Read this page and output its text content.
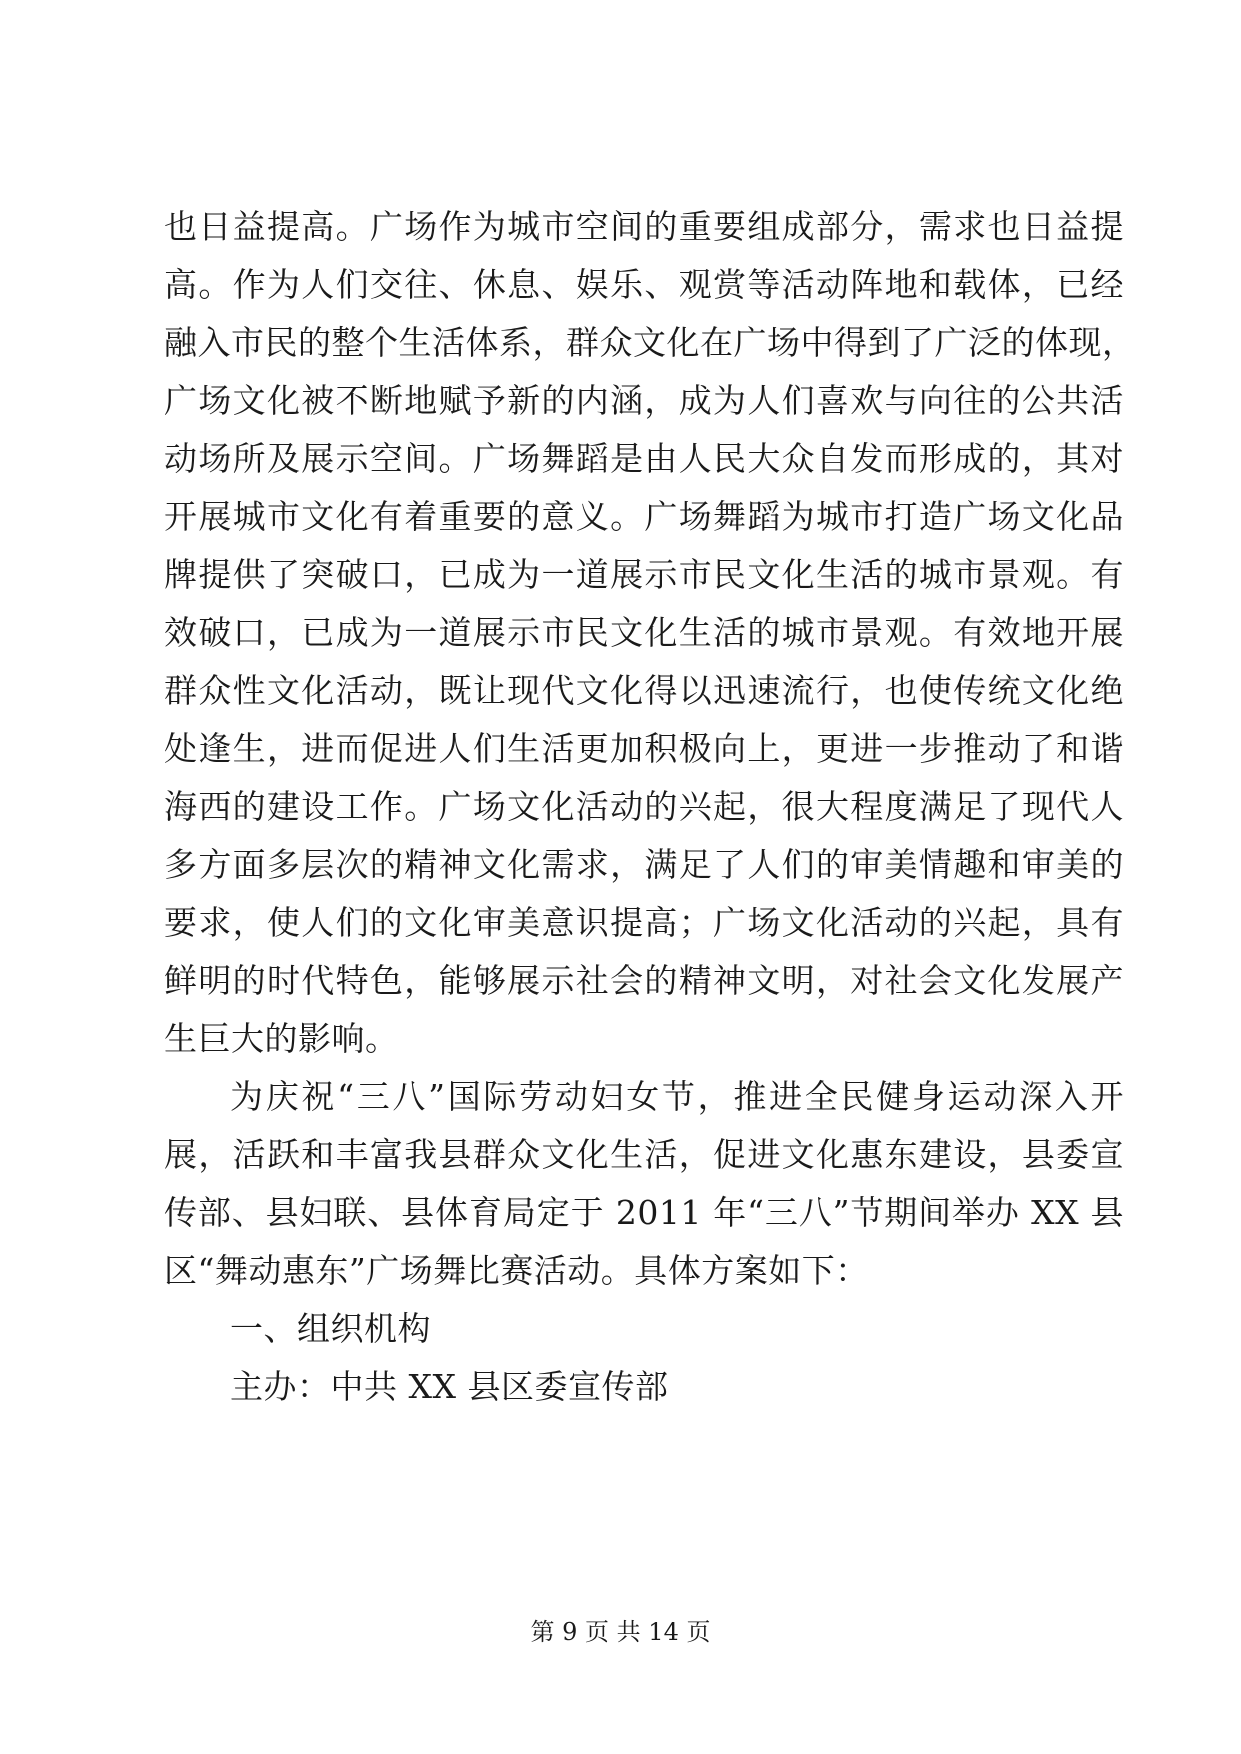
也日益提高。广场作为城市空间的重要组成部分，需求也日益提
高。作为人们交往、休息、娱乐、观赏等活动阵地和载体，已经
融入市民的整个生活体系，群众文化在广场中得到了广泛的体现，
广场文化被不断地赋予新的内涵，成为人们喜欢与向往的公共活
动场所及展示空间。广场舞蹈是由人民大众自发而形成的，其对
开展城市文化有着重要的意义。广场舞蹈为城市打造广场文化品
牌提供了突破口，已成为一道展示市民文化生活的城市景观。有
效破口，已成为一道展示市民文化生活的城市景观。有效地开展
群众性文化活动，既让现代文化得以迅速流行，也使传统文化绝
处逢生，进而促进人们生活更加积极向上，更进一步推动了和谐
海西的建设工作。广场文化活动的兴起，很大程度满足了现代人
多方面多层次的精神文化需求，满足了人们的审美情趣和审美的
要求，使人们的文化审美意识提高；广场文化活动的兴起，具有
鲜明的时代特色，能够展示社会的精神文明，对社会文化发展产
生巨大的影响。
为庆祝“三八”国际劳动妇女节，推进全民健身运动深入开
展，活跃和丰富我县群众文化生活，促进文化惠东建设，县委宣
传部、县妇联、县体育局定于 2011 年“三八”节期间举办 XX 县
区“舞动惠东”广场舞比赛活动。具体方案如下：
一、组织机构
主办：中共 XX 县区委宣传部
第 9 页 共 14 页
